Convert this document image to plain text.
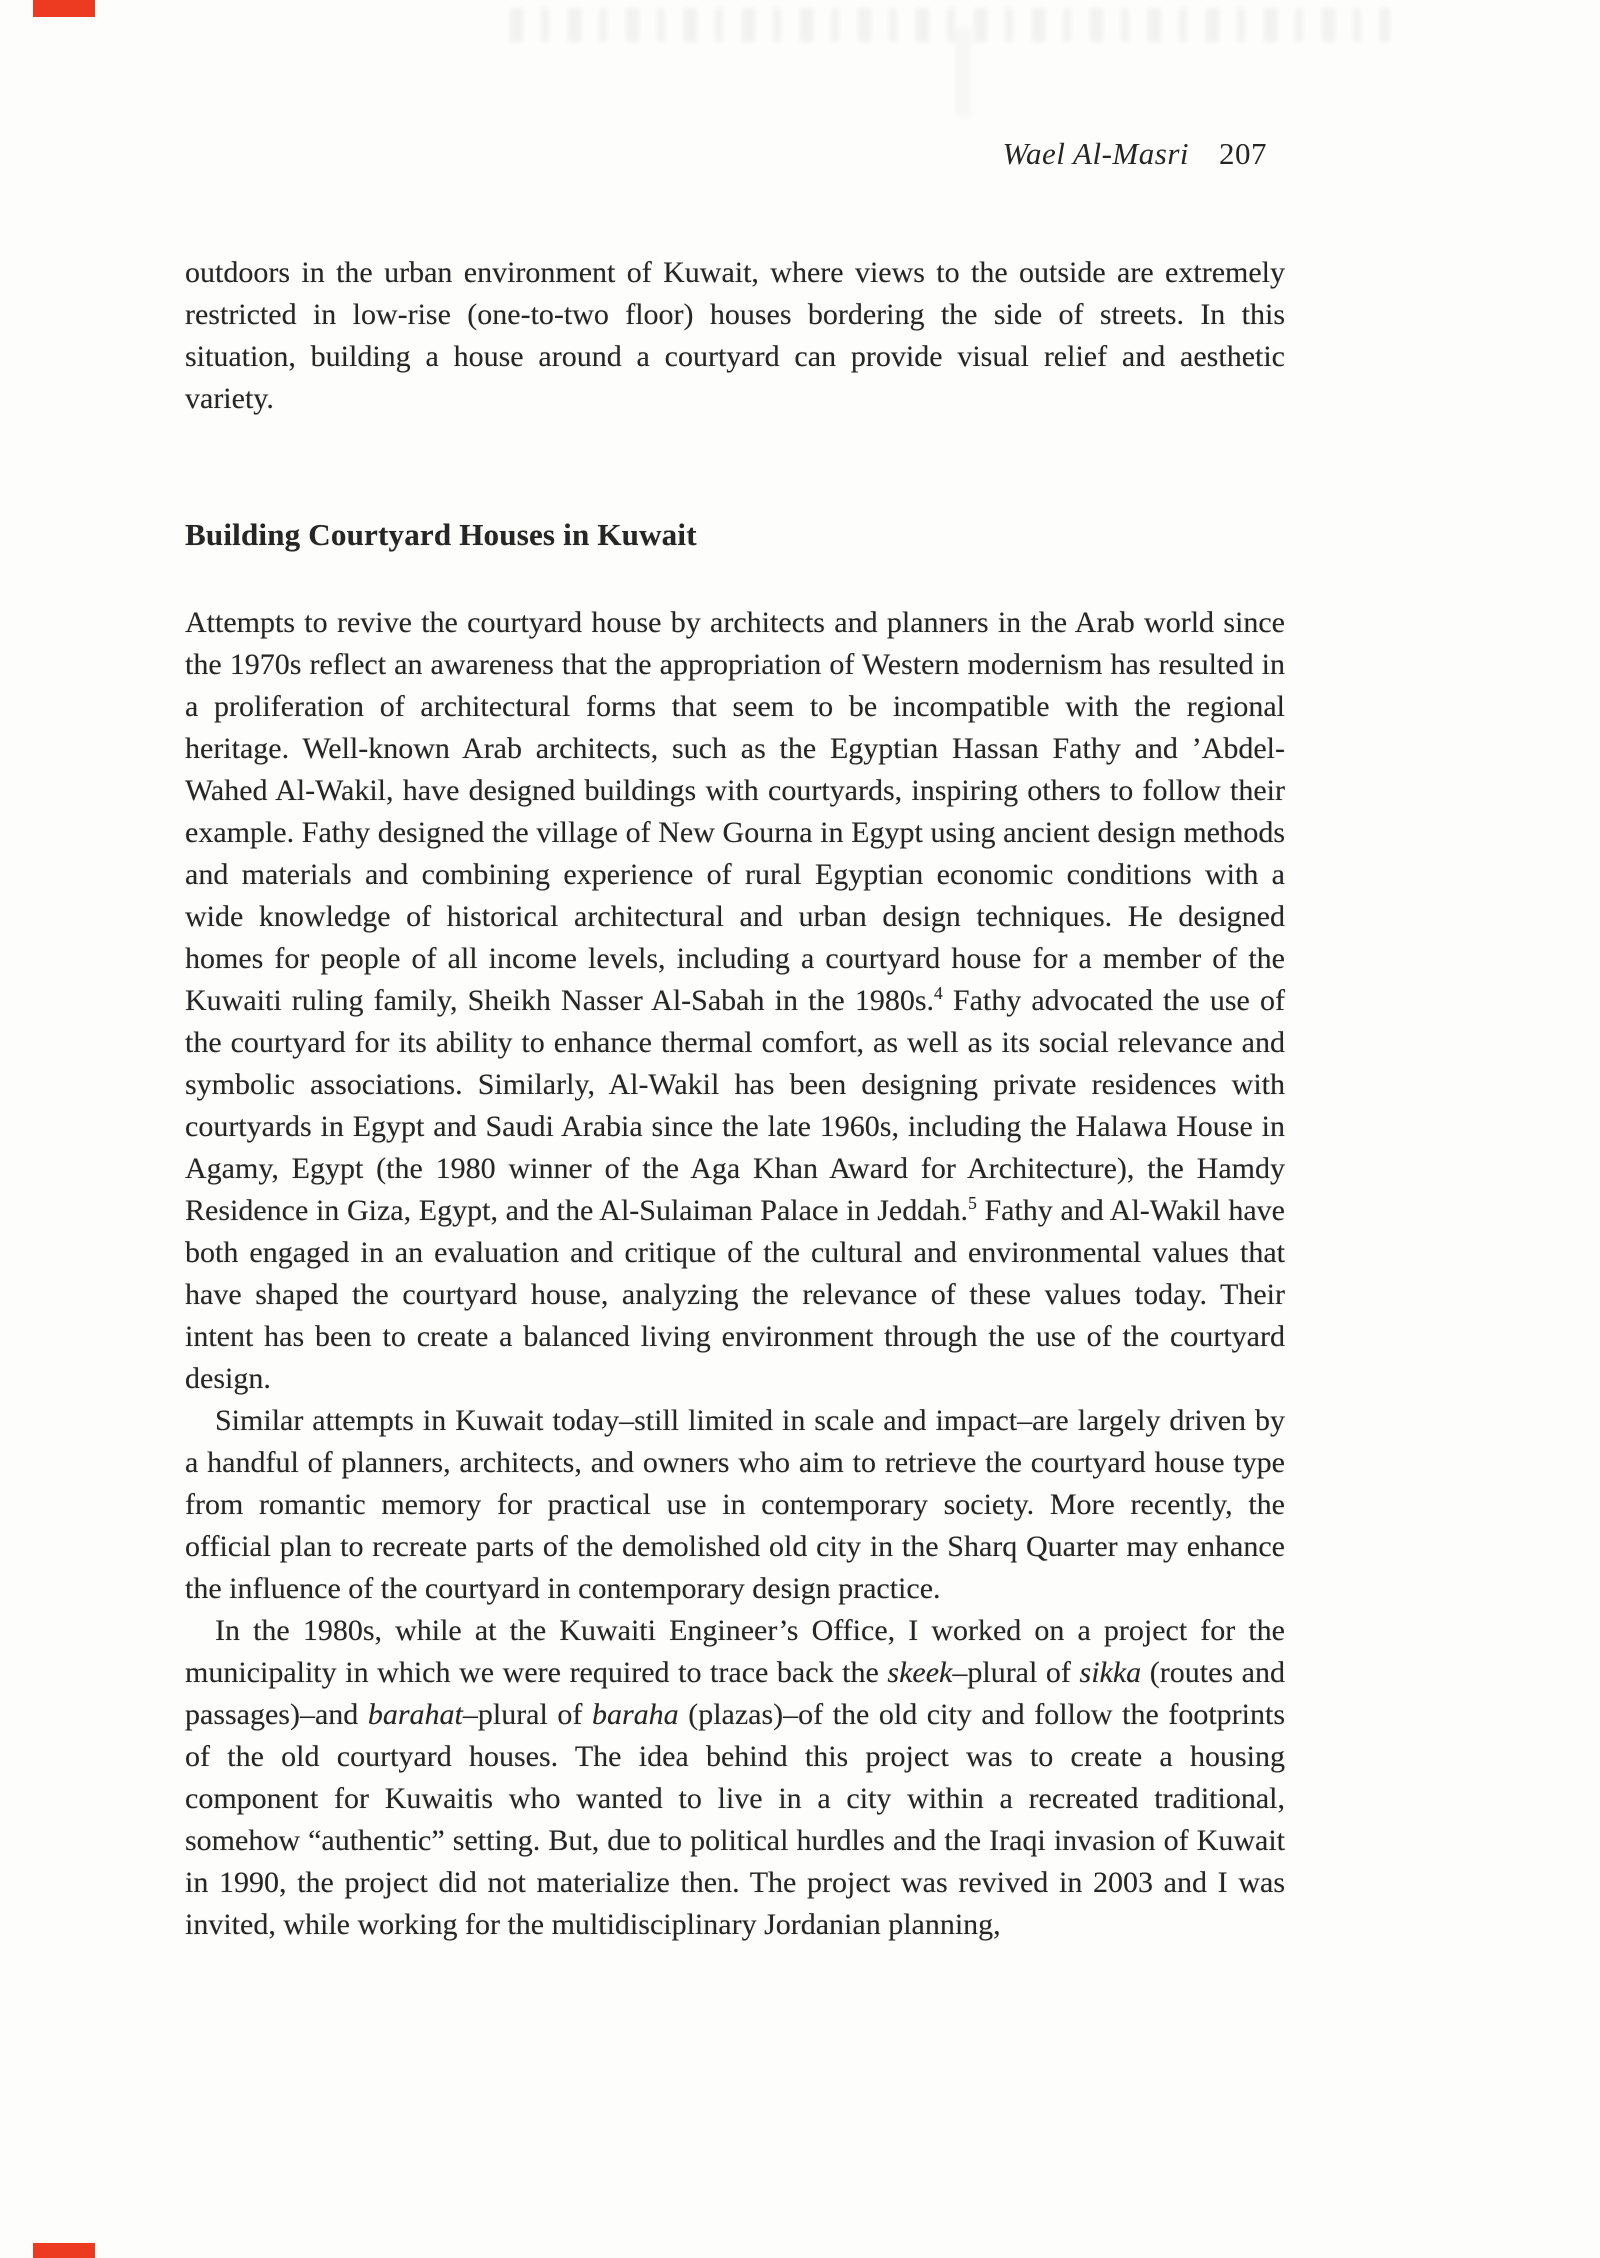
Wael Al-Masri 207
outdoors in the urban environment of Kuwait, where views to the outside are extremely restricted in low-rise (one-to-two floor) houses bordering the side of streets. In this situation, building a house around a courtyard can provide visual relief and aesthetic variety.
Building Courtyard Houses in Kuwait

Attempts to revive the courtyard house by architects and planners in the Arab world since the 1970s reflect an awareness that the appropriation of Western modernism has resulted in a proliferation of architectural forms that seem to be incompatible with the regional heritage. Well-known Arab architects, such as the Egyptian Hassan Fathy and ’Abdel-Wahed Al-Wakil, have designed buildings with courtyards, inspiring others to follow their example. Fathy designed the village of New Gourna in Egypt using ancient design methods and materials and combining experience of rural Egyptian economic conditions with a wide knowledge of historical architectural and urban design techniques. He designed homes for people of all income levels, including a courtyard house for a member of the Kuwaiti ruling family, Sheikh Nasser Al-Sabah in the 1980s.$^4$ Fathy advocated the use of the courtyard for its ability to enhance thermal comfort, as well as its social relevance and symbolic associations. Similarly, Al-Wakil has been designing private residences with courtyards in Egypt and Saudi Arabia since the late 1960s, including the Halawa House in Agamy, Egypt (the 1980 winner of the Aga Khan Award for Architecture), the Hamdy Residence in Giza, Egypt, and the Al-Sulaiman Palace in Jeddah.$^5$ Fathy and Al-Wakil have both engaged in an evaluation and critique of the cultural and environmental values that have shaped the courtyard house, analyzing the relevance of these values today. Their intent has been to create a balanced living environment through the use of the courtyard design.

Similar attempts in Kuwait today–still limited in scale and impact–are largely driven by a handful of planners, architects, and owners who aim to retrieve the courtyard house type from romantic memory for practical use in contemporary society. More recently, the official plan to recreate parts of the demolished old city in the Sharq Quarter may enhance the influence of the courtyard in contemporary design practice.

In the 1980s, while at the Kuwaiti Engineer’s Office, I worked on a project for the municipality in which we were required to trace back the skeek–plural of sikka (routes and passages)–and barahat–plural of baraha (plazas)–of the old city and follow the footprints of the old courtyard houses. The idea behind this project was to create a housing component for Kuwaitis who wanted to live in a city within a recreated traditional, somehow “authentic” setting. But, due to political hurdles and the Iraqi invasion of Kuwait in 1990, the project did not materialize then. The project was revived in 2003 and I was invited, while working for the multidisciplinary Jordanian planning,
